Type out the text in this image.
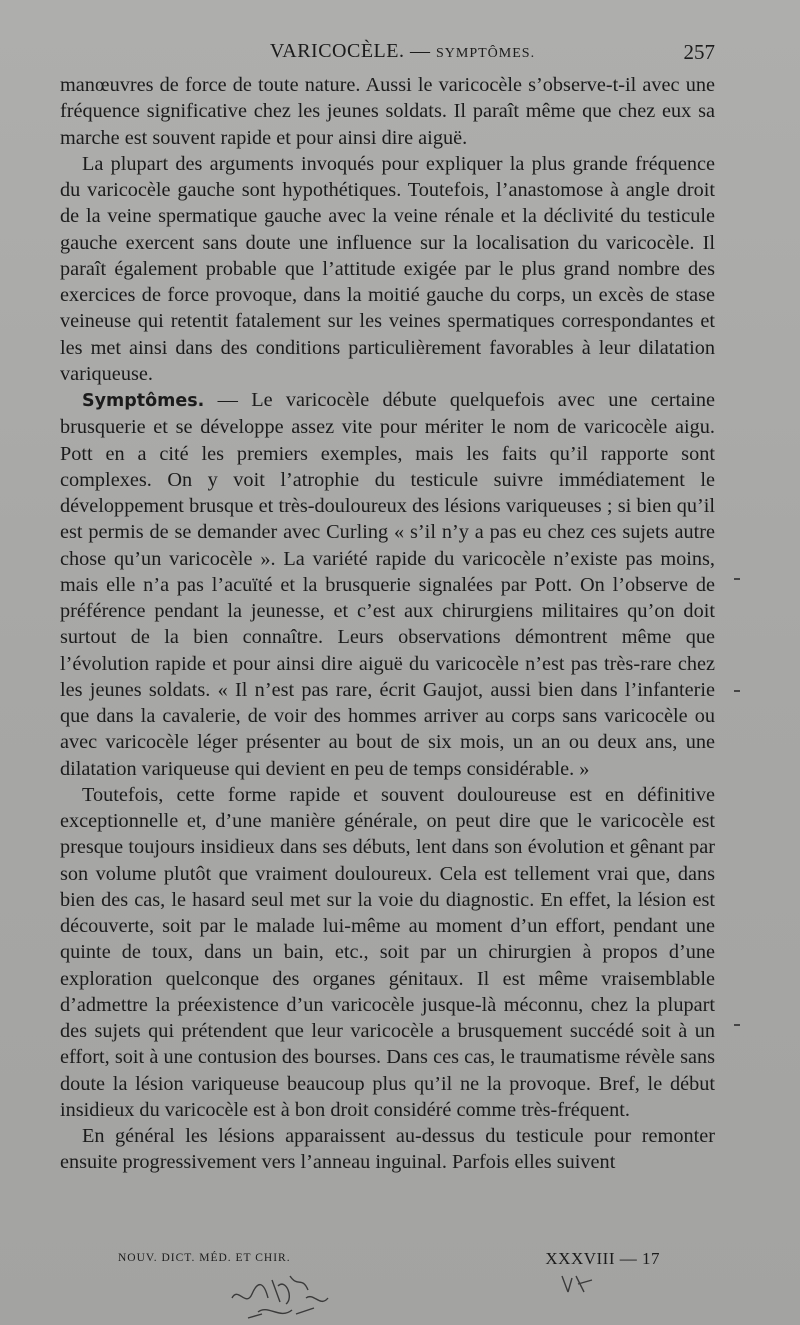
VARICOCÈLE. — SYMPTÔMES.	257

manœuvres de force de toute nature. Aussi le varicocèle s’observe-t-il avec une fréquence significative chez les jeunes soldats. Il paraît même que chez eux sa marche est souvent rapide et pour ainsi dire aiguë.

La plupart des arguments invoqués pour expliquer la plus grande fréquence du varicocèle gauche sont hypothétiques. Toutefois, l’anastomose à angle droit de la veine spermatique gauche avec la veine rénale et la déclivité du testicule gauche exercent sans doute une influence sur la localisation du varicocèle. Il paraît également probable que l’attitude exigée par le plus grand nombre des exercices de force provoque, dans la moitié gauche du corps, un excès de stase veineuse qui retentit fatalement sur les veines spermatiques correspondantes et les met ainsi dans des conditions particulièrement favorables à leur dilatation variqueuse.

Symptômes. — Le varicocèle débute quelquefois avec une certaine brusquerie et se développe assez vite pour mériter le nom de varicocèle aigu. Pott en a cité les premiers exemples, mais les faits qu’il rapporte sont complexes. On y voit l’atrophie du testicule suivre immédiatement le développement brusque et très-douloureux des lésions variqueuses ; si bien qu’il est permis de se demander avec Curling « s’il n’y a pas eu chez ces sujets autre chose qu’un varicocèle ». La variété rapide du varicocèle n’existe pas moins, mais elle n’a pas l’acuïté et la brusquerie signalées par Pott. On l’observe de préférence pendant la jeunesse, et c’est aux chirurgiens militaires qu’on doit surtout de la bien connaître. Leurs observations démontrent même que l’évolution rapide et pour ainsi dire aiguë du varicocèle n’est pas très-rare chez les jeunes soldats. « Il n’est pas rare, écrit Gaujot, aussi bien dans l’infanterie que dans la cavalerie, de voir des hommes arriver au corps sans varicocèle ou avec varicocèle léger présenter au bout de six mois, un an ou deux ans, une dilatation variqueuse qui devient en peu de temps considérable. »

Toutefois, cette forme rapide et souvent douloureuse est en définitive exceptionnelle et, d’une manière générale, on peut dire que le varicocèle est presque toujours insidieux dans ses débuts, lent dans son évolution et gênant par son volume plutôt que vraiment douloureux. Cela est tellement vrai que, dans bien des cas, le hasard seul met sur la voie du diagnostic. En effet, la lésion est découverte, soit par le malade lui-même au moment d’un effort, pendant une quinte de toux, dans un bain, etc., soit par un chirurgien à propos d’une exploration quelconque des organes génitaux. Il est même vraisemblable d’admettre la préexistence d’un varicocèle jusque-là méconnu, chez la plupart des sujets qui prétendent que leur varicocèle a brusquement succédé soit à un effort, soit à une contusion des bourses. Dans ces cas, le traumatisme révèle sans doute la lésion variqueuse beaucoup plus qu’il ne la provoque. Bref, le début insidieux du varicocèle est à bon droit considéré comme très-fréquent.

En général les lésions apparaissent au-dessus du testicule pour remonter ensuite progressivement vers l’anneau inguinal. Parfois elles suivent

NOUV. DICT. MÉD. ET CHIR.	XXXVIII — 17
